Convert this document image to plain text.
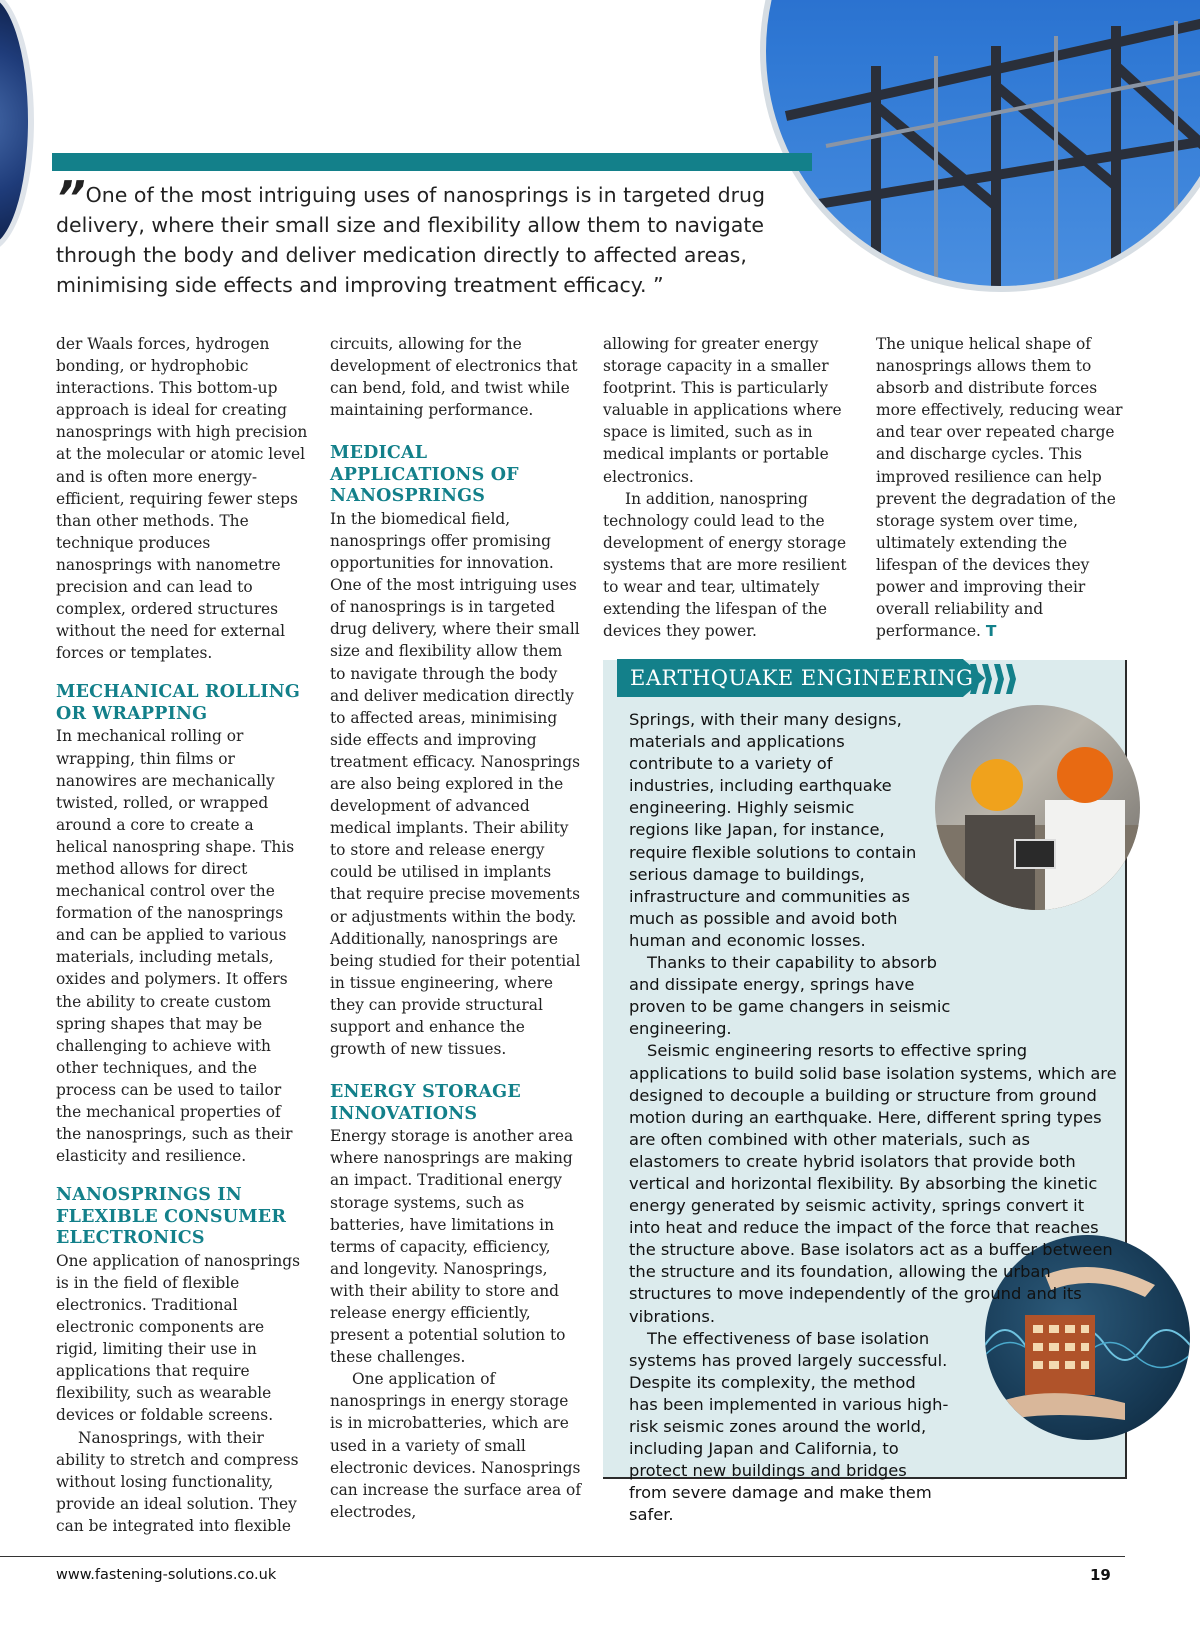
” One of the most intriguing uses of nanosprings is in targeted drug delivery, where their small size and flexibility allow them to navigate through the body and deliver medication directly to affected areas, minimising side effects and improving treatment efficacy. ”

der Waals forces, hydrogen bonding, or hydrophobic interactions. This bottom-up approach is ideal for creating nanosprings with high precision at the molecular or atomic level and is often more energy-efficient, requiring fewer steps than other methods. The technique produces nanosprings with nanometre precision and can lead to complex, ordered structures without the need for external forces or templates.

MECHANICAL ROLLING OR WRAPPING

In mechanical rolling or wrapping, thin films or nanowires are mechanically twisted, rolled, or wrapped around a core to create a helical nanospring shape. This method allows for direct mechanical control over the formation of the nanosprings and can be applied to various materials, including metals, oxides and polymers. It offers the ability to create custom spring shapes that may be challenging to achieve with other techniques, and the process can be used to tailor the mechanical properties of the nanosprings, such as their elasticity and resilience.

NANOSPRINGS IN FLEXIBLE CONSUMER ELECTRONICS

One application of nanosprings is in the field of flexible electronics. Traditional electronic components are rigid, limiting their use in applications that require flexibility, such as wearable devices or foldable screens.

Nanosprings, with their ability to stretch and compress without losing functionality, provide an ideal solution. They can be integrated into flexible

circuits, allowing for the development of electronics that can bend, fold, and twist while maintaining performance.

MEDICAL APPLICATIONS OF NANOSPRINGS

In the biomedical field, nanosprings offer promising opportunities for innovation. One of the most intriguing uses of nanosprings is in targeted drug delivery, where their small size and flexibility allow them to navigate through the body and deliver medication directly to affected areas, minimising side effects and improving treatment efficacy. Nanosprings are also being explored in the development of advanced medical implants. Their ability to store and release energy could be utilised in implants that require precise movements or adjustments within the body. Additionally, nanosprings are being studied for their potential in tissue engineering, where they can provide structural support and enhance the growth of new tissues.

ENERGY STORAGE INNOVATIONS

Energy storage is another area where nanosprings are making an impact. Traditional energy storage systems, such as batteries, have limitations in terms of capacity, efficiency, and longevity. Nanosprings, with their ability to store and release energy efficiently, present a potential solution to these challenges.

One application of nanosprings in energy storage is in microbatteries, which are used in a variety of small electronic devices. Nanosprings can increase the surface area of electrodes,

allowing for greater energy storage capacity in a smaller footprint. This is particularly valuable in applications where space is limited, such as in medical implants or portable electronics.

In addition, nanospring technology could lead to the development of energy storage systems that are more resilient to wear and tear, ultimately extending the lifespan of the devices they power.

The unique helical shape of nanosprings allows them to absorb and distribute forces more effectively, reducing wear and tear over repeated charge and discharge cycles. This improved resilience can help prevent the degradation of the storage system over time, ultimately extending the lifespan of the devices they power and improving their overall reliability and performance. T

EARTHQUAKE ENGINEERING

Springs, with their many designs, materials and applications contribute to a variety of industries, including earthquake engineering. Highly seismic regions like Japan, for instance, require flexible solutions to contain serious damage to buildings, infrastructure and communities as much as possible and avoid both human and economic losses.

Thanks to their capability to absorb and dissipate energy, springs have proven to be game changers in seismic engineering.

Seismic engineering resorts to effective spring applications to build solid base isolation systems, which are designed to decouple a building or structure from ground motion during an earthquake. Here, different spring types are often combined with other materials, such as elastomers to create hybrid isolators that provide both vertical and horizontal flexibility. By absorbing the kinetic energy generated by seismic activity, springs convert it into heat and reduce the impact of the force that reaches the structure above. Base isolators act as a buffer between the structure and its foundation, allowing the urban structures to move independently of the ground and its vibrations.

The effectiveness of base isolation systems has proved largely successful. Despite its complexity, the method has been implemented in various high-risk seismic zones around the world, including Japan and California, to protect new buildings and bridges from severe damage and make them safer.

www.fastening-solutions.co.uk	19
